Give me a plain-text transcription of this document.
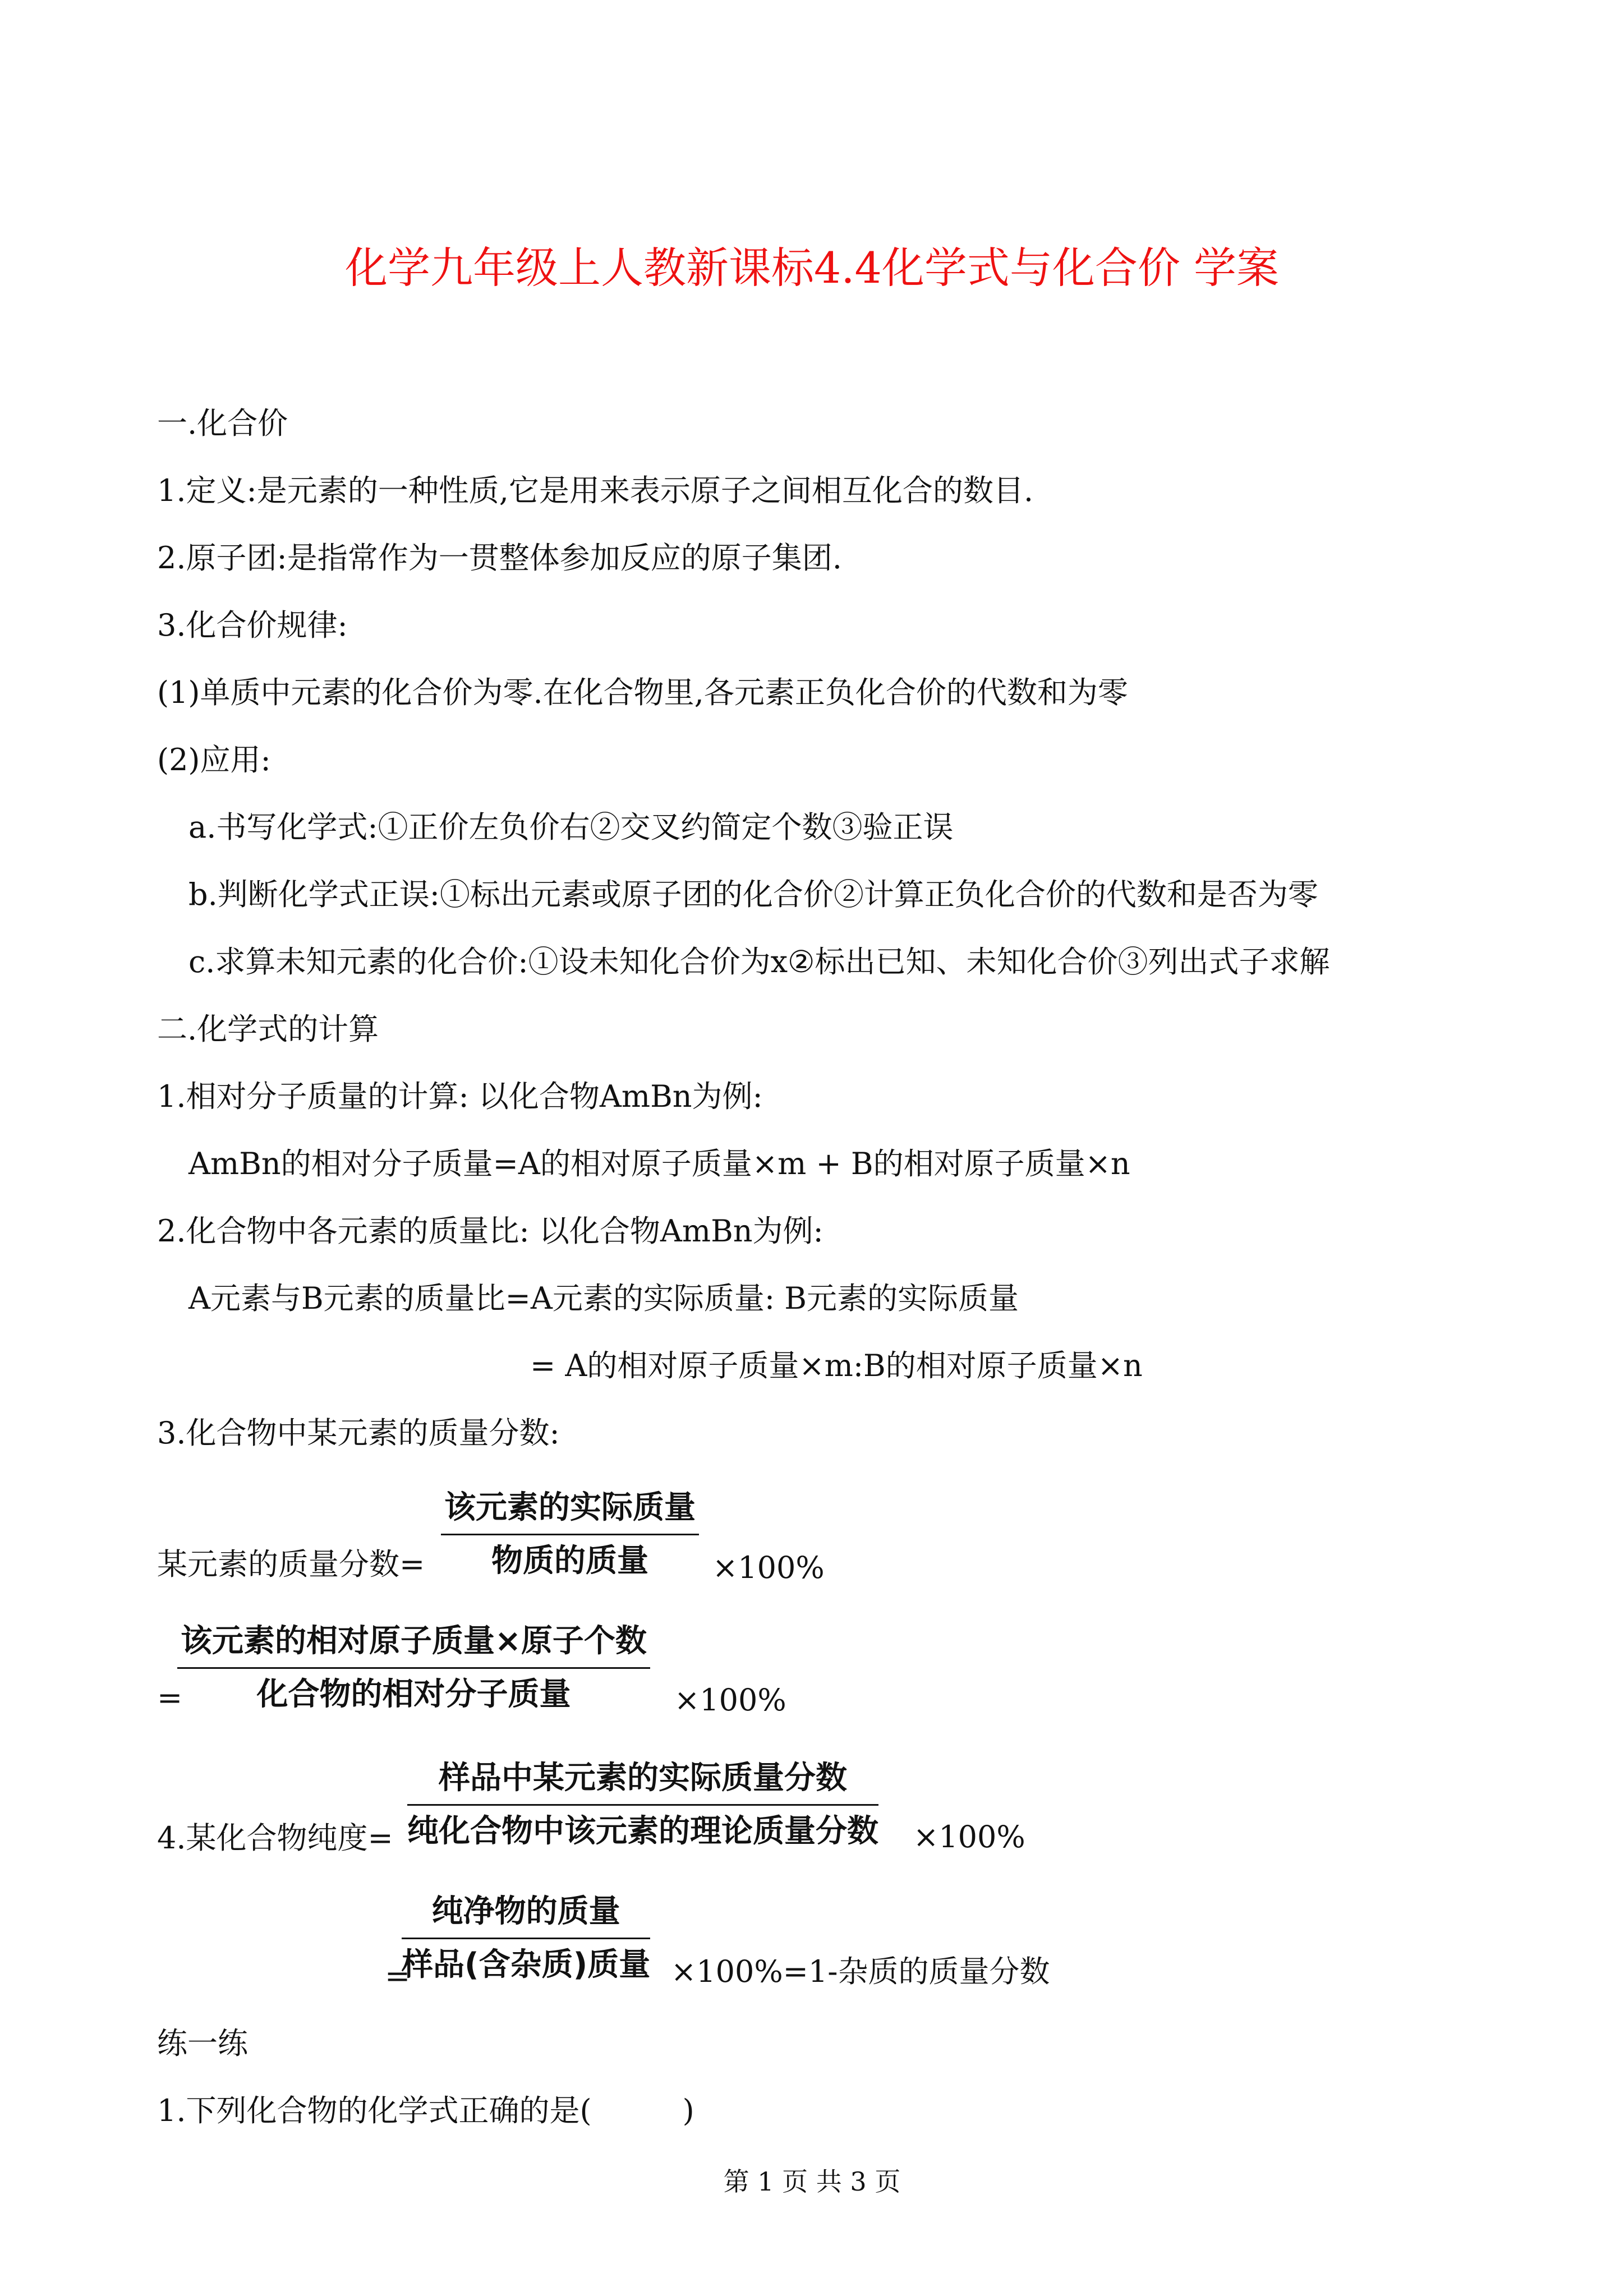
化学九年级上人教新课标4.4化学式与化合价 学案
一.化合价
1.定义:是元素的一种性质,它是用来表示原子之间相互化合的数目.
2.原子团:是指常作为一贯整体参加反应的原子集团.
3.化合价规律:
(1)单质中元素的化合价为零.在化合物里,各元素正负化合价的代数和为零
(2)应用:
a.书写化学式:①正价左负价右②交叉约简定个数③验正误
b.判断化学式正误:①标出元素或原子团的化合价②计算正负化合价的代数和是否为零
c.求算未知元素的化合价:①设未知化合价为x②标出已知、未知化合价③列出式子求解
二.化学式的计算
1.相对分子质量的计算: 以化合物AmBn为例:
AmBn的相对分子质量=A的相对原子质量×m + B的相对原子质量×n
2.化合物中各元素的质量比: 以化合物AmBn为例:
A元素与B元素的质量比=A元素的实际质量: B元素的实际质量
= A的相对原子质量×m:B的相对原子质量×n
3.化合物中某元素的质量分数:
某元素的质量分数=
该元素的实际质量
物质的质量	×100%
=
该元素的相对原子质量×原子个数
化合物的相对分子质量	×100%
4.某化合物纯度=
样品中某元素的实际质量分数
纯化合物中该元素的理论质量分数 ×100%
=
纯净物的质量
样品(含杂质)质量 ×100%=1-杂质的质量分数
练一练
1.下列化合物的化学式正确的是(　　　)
第 1 页 共 3 页
